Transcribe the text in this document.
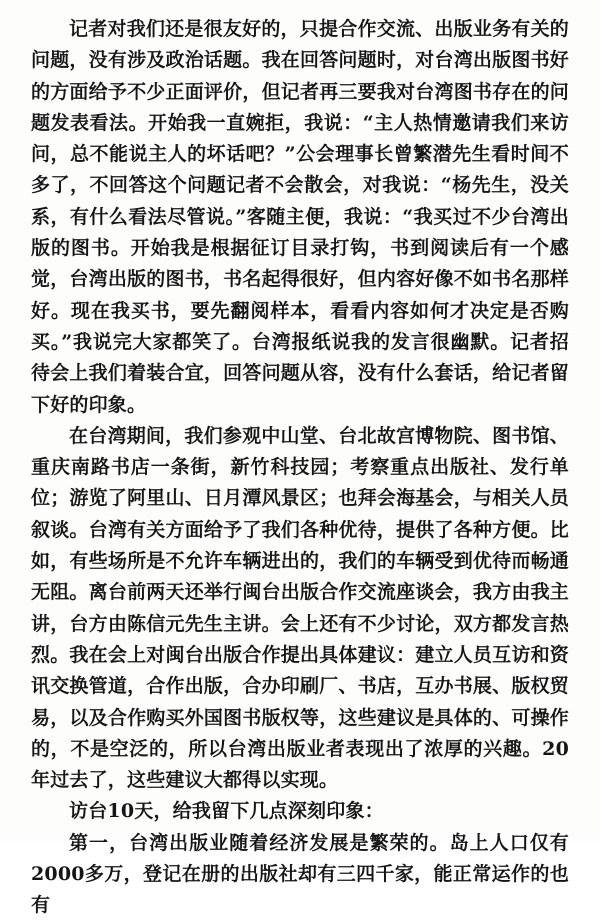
记者对我们还是很友好的，只提合作交流、出版业务有关的问题，没有涉及政治话题。我在回答问题时，对台湾出版图书好的方面给予不少正面评价，但记者再三要我对台湾图书存在的问题发表看法。开始我一直婉拒，我说：“主人热情邀请我们来访问，总不能说主人的坏话吧？”公会理事长曾繁潜先生看时间不多了，不回答这个问题记者不会散会，对我说：“杨先生，没关系，有什么看法尽管说。”客随主便，我说：“我买过不少台湾出版的图书。开始我是根据征订目录打钩，书到阅读后有一个感觉，台湾出版的图书，书名起得很好，但内容好像不如书名那样好。现在我买书，要先翻阅样本，看看内容如何才决定是否购买。”我说完大家都笑了。台湾报纸说我的发言很幽默。记者招待会上我们着装合宜，回答问题从容，没有什么套话，给记者留下好的印象。

在台湾期间，我们参观中山堂、台北故宫博物院、图书馆、重庆南路书店一条街，新竹科技园；考察重点出版社、发行单位；游览了阿里山、日月潭风景区；也拜会海基会，与相关人员叙谈。台湾有关方面给予了我们各种优待，提供了各种方便。比如，有些场所是不允许车辆进出的，我们的车辆受到优待而畅通无阻。离台前两天还举行闽台出版合作交流座谈会，我方由我主讲，台方由陈信元先生主讲。会上还有不少讨论，双方都发言热烈。我在会上对闽台出版合作提出具体建议：建立人员互访和资讯交换管道，合作出版，合办印刷厂、书店，互办书展、版权贸易，以及合作购买外国图书版权等，这些建议是具体的、可操作的，不是空泛的，所以台湾出版业者表现出了浓厚的兴趣。20年过去了，这些建议大都得以实现。

访台10天，给我留下几点深刻印象：

第一，台湾出版业随着经济发展是繁荣的。岛上人口仅有2000多万，登记在册的出版社却有三四千家，能正常运作的也有
